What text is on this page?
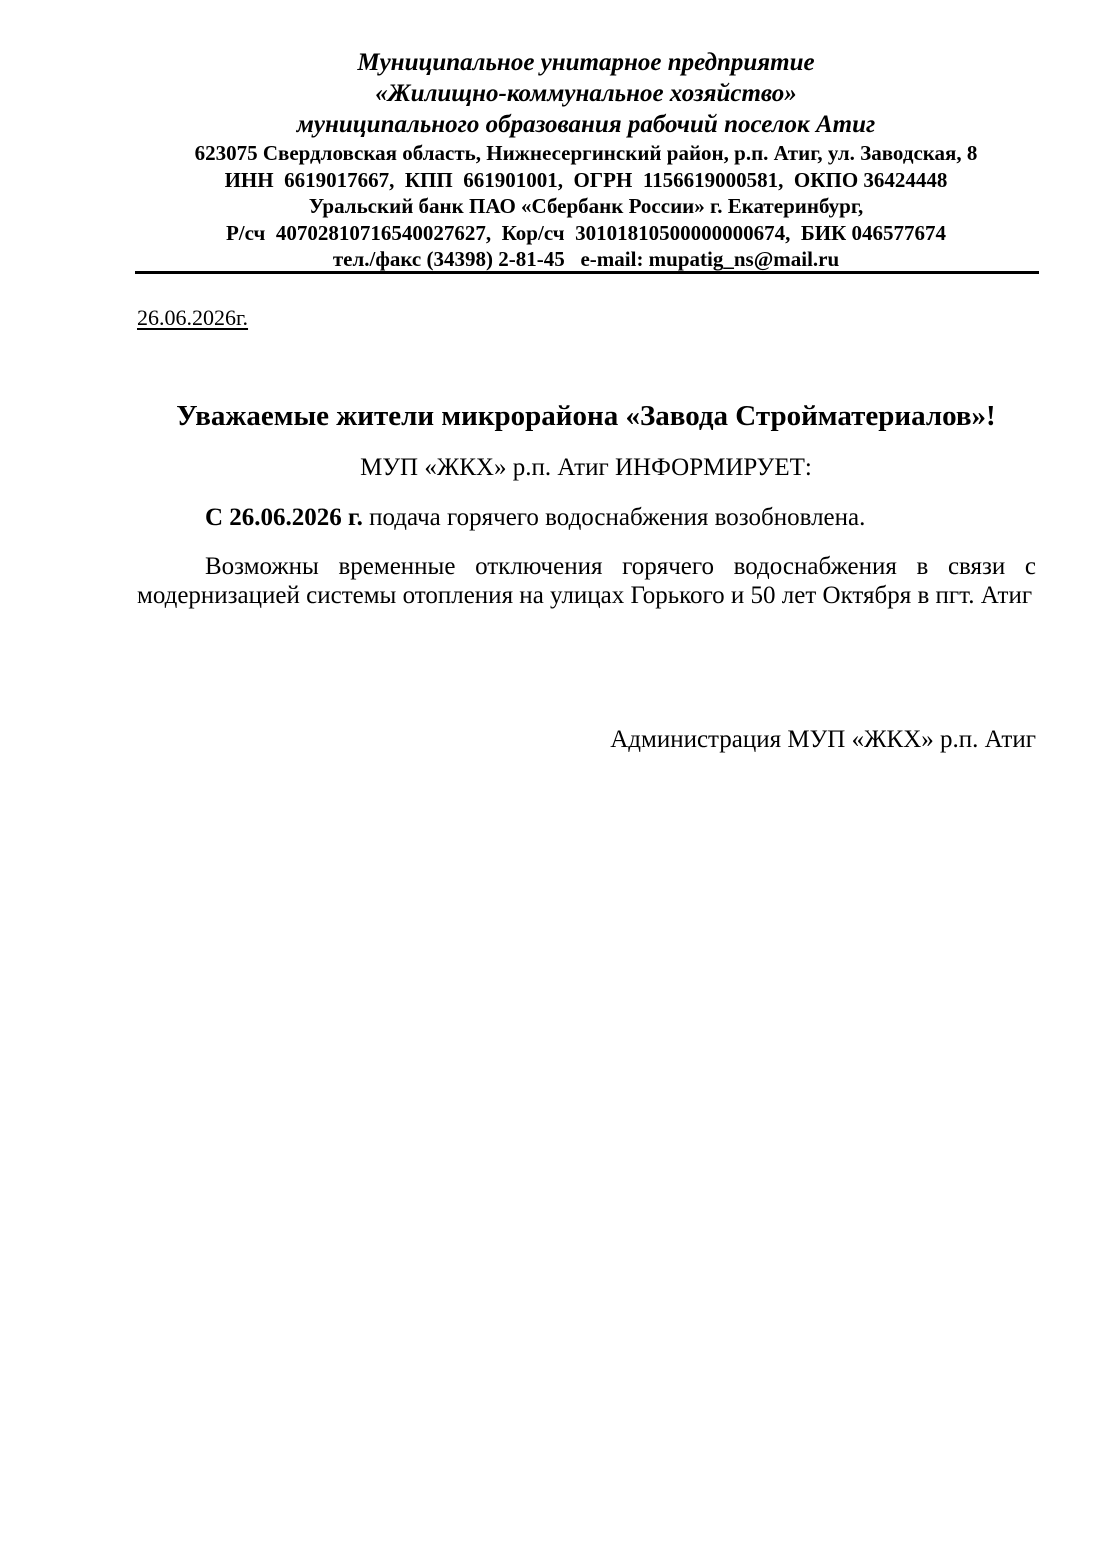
Муниципальное унитарное предприятие

«Жилищно-коммунальное хозяйство»

муниципального образования рабочий поселок Атиг

623075 Свердловская область, Нижнесергинский район, р.п. Атиг, ул. Заводская, 8

ИНН  6619017667,  КПП  661901001,  ОГРН  1156619000581,  ОКПО 36424448

Уральский банк ПАО «Сбербанк России» г. Екатеринбург,

Р/сч  40702810716540027627,  Кор/сч  30101810500000000674,  БИК 046577674

тел./факс (34398) 2-81-45   e-mail: mupatig_ns@mail.ru

26.06.2026г.
Уважаемые жители микрорайона «Завода Стройматериалов»!
МУП «ЖКХ» р.п. Атиг ИНФОРМИРУЕТ:
С 26.06.2026 г. подача горячего водоснабжения возобновлена.

Возможны временные отключения горячего водоснабжения в связи с модернизацией системы отопления на улицах Горького и 50 лет Октября в пгт. Атиг

Администрация МУП «ЖКХ» р.п. Атиг
